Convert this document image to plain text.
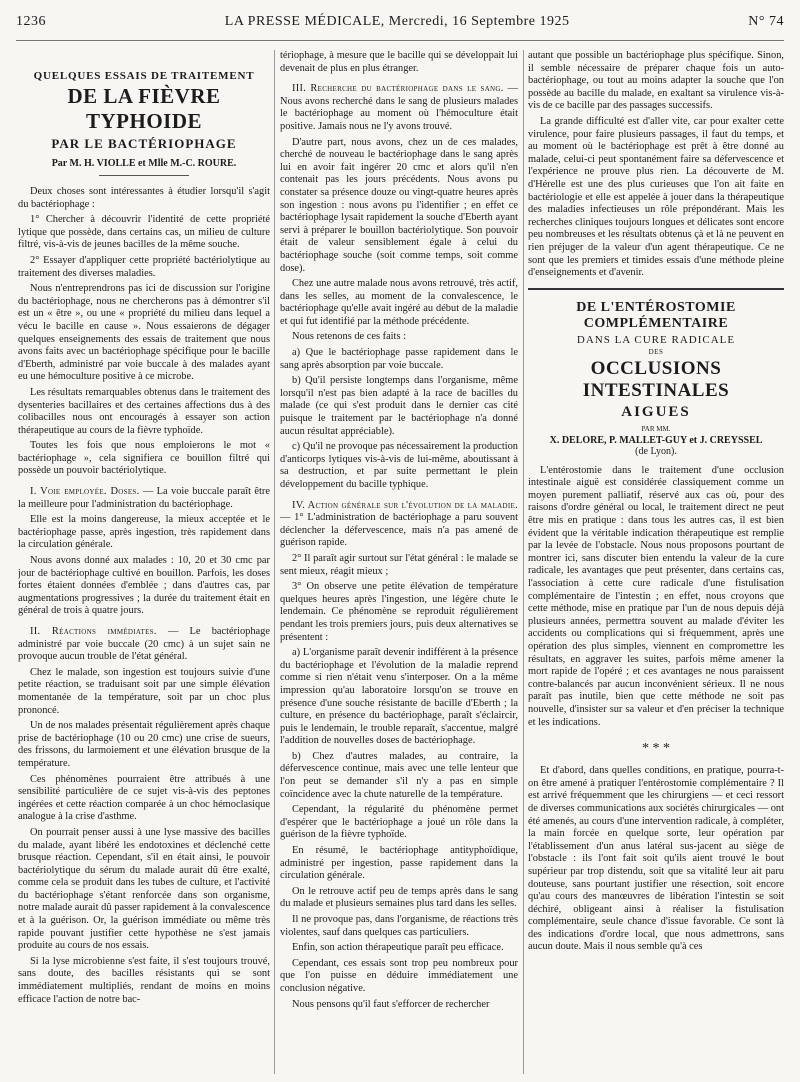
1236	LA PRESSE MÉDICALE, Mercredi, 16 Septembre 1925	N° 74
QUELQUES ESSAIS DE TRAITEMENT
DE LA FIÈVRE TYPHOIDE
PAR LE BACTÉRIOPHAGE
Par M. H. VIOLLE et Mlle M.-C. ROURE.

Deux choses sont intéressantes à étudier lorsqu'il s'agit du bactériophage :

1° Chercher à découvrir l'identité de cette propriété lytique que possède, dans certains cas, un milieu de culture filtré, vis-à-vis de jeunes bacilles de la même souche.

2° Essayer d'appliquer cette propriété bactériolytique au traitement des diverses maladies.

Nous n'entreprendrons pas ici de discussion sur l'origine du bactériophage, nous ne chercherons pas à démontrer s'il est un « être », ou une « propriété du milieu dans lequel a vécu le bacille en cause ». Nous essaierons de dégager quelques enseignements des essais de traitement que nous avons faits avec un bactériophage spécifique pour le bacille d'Eberth, administré par voie buccale à des malades ayant eu une hémoculture positive à ce microbe.

Les résultats remarquables obtenus dans le traitement des dysenteries bacillaires et des certaines affections dus à des colibacilles nous ont encouragés à essayer son action thérapeutique au cours de la fièvre typhoïde.

Toutes les fois que nous emploierons le mot « bactériophage », cela signifiera ce bouillon filtré qui possède un pouvoir bactériolytique.

I. Voie employée. Doses. — La voie buccale paraît être la meilleure pour l'administration du bactériophage.

Elle est la moins dangereuse, la mieux acceptée et le bactériophage passe, après ingestion, très rapidement dans la circulation générale.

Nous avons donné aux malades : 10, 20 et 30 cmc par jour de bactériophage cultivé en bouillon. Parfois, les doses fortes étaient données d'emblée ; dans d'autres cas, par augmentations progressives ; la durée du traitement était en général de trois à quatre jours.

II. Réactions immédiates. — Le bactériophage administré par voie buccale (20 cmc) à un sujet sain ne provoque aucun trouble de l'état général.

Chez le malade, son ingestion est toujours suivie d'une petite réaction, se traduisant soit par une simple élévation momentanée de la température, soit par un choc plus prononcé.

Un de nos malades présentait régulièrement après chaque prise de bactériophage (10 ou 20 cmc) une crise de sueurs, des frissons, du larmoiement et une élévation brusque de la température.

Ces phénomènes pourraient être attribués à une sensibilité particulière de ce sujet vis-à-vis des peptones ingérées et cette réaction comparée à un choc hémoclasique analogue à la crise d'asthme.

On pourrait penser aussi à une lyse massive des bacilles du malade, ayant libéré les endotoxines et déclenché cette brusque réaction. Cependant, s'il en était ainsi, le pouvoir bactériolytique du sérum du malade aurait dû être exalté, comme cela se produit dans les tubes de culture, et l'activité du bactériophage s'étant renforcée dans son organisme, notre malade aurait dû passer rapidement à la convalescence et à la guérison. Or, la guérison immédiate ou même très rapide pouvant justifier cette hypothèse ne s'est jamais produite au cours de nos essais.

Si la lyse microbienne s'est faite, il s'est toujours trouvé, sans doute, des bacilles résistants qui se sont immédiatement multipliés, rendant de moins en moins efficace l'action de notre bac-

tériophage, à mesure que le bacille qui se développait lui devenait de plus en plus étranger.

III. Recherche du bactériophage dans le sang. — Nous avons recherché dans le sang de plusieurs malades le bactériophage au moment où l'hémoculture était positive. Jamais nous ne l'y avons trouvé.

D'autre part, nous avons, chez un de ces malades, cherché de nouveau le bactériophage dans le sang après lui en avoir fait ingérer 20 cmc et alors qu'il n'en contenait pas les jours précédents. Nous avons pu constater sa présence douze ou vingt-quatre heures après son ingestion : nous avons pu l'identifier ; en effet ce bactériophage lysait rapidement la souche d'Eberth ayant servi à préparer le bouillon bactériolytique. Son pouvoir était de valeur sensiblement égale à celui du bactériophage souche (soit comme temps, soit comme dose).

Chez une autre malade nous avons retrouvé, très actif, dans les selles, au moment de la convalescence, le bactériophage qu'elle avait ingéré au début de la maladie et qui fut identifié par la méthode précédente.

Nous retenons de ces faits :

a) Que le bactériophage passe rapidement dans le sang après absorption par voie buccale.

b) Qu'il persiste longtemps dans l'organisme, même lorsqu'il n'est pas bien adapté à la race de bacilles du malade (ce qui s'est produit dans le dernier cas cité puisque le traitement par le bactériophage n'a donné aucun résultat appréciable).

c) Qu'il ne provoque pas nécessairement la production d'anticorps lytiques vis-à-vis de lui-même, aboutissant à sa destruction, et par suite permettant le plein développement du bacille typhique.

IV. Action générale sur l'évolution de la maladie. — 1° L'administration de bactériophage a paru souvent déclencher la défervescence, mais n'a pas amené de guérison rapide.

2° Il paraît agir surtout sur l'état général : le malade se sent mieux, réagit mieux ;

3° On observe une petite élévation de température quelques heures après l'ingestion, une légère chute le lendemain. Ce phénomène se reproduit régulièrement pendant les trois premiers jours, puis deux alternatives se présentent :

a) L'organisme paraît devenir indifférent à la présence du bactériophage et l'évolution de la maladie reprend comme si rien n'était venu s'interposer. On a la même impression qu'au laboratoire lorsqu'on se trouve en présence d'une souche résistante de bacille d'Eberth ; la culture, en présence du bactériophage, paraît s'éclaircir, puis le lendemain, le trouble reparaît, s'accentue, malgré l'addition de nouvelles doses de bactériophage.

b) Chez d'autres malades, au contraire, la défervescence continue, mais avec une telle lenteur que l'on peut se demander s'il n'y a pas en simple coïncidence avec la chute naturelle de la température.

Cependant, la régularité du phénomène permet d'espérer que le bactériophage a joué un rôle dans la guérison de la fièvre typhoïde.

En résumé, le bactériophage antityphoïdique, administré per ingestion, passe rapidement dans la circulation générale.

On le retrouve actif peu de temps après dans le sang du malade et plusieurs semaines plus tard dans les selles.

Il ne provoque pas, dans l'organisme, de réactions très violentes, sauf dans quelques cas particuliers.

Enfin, son action thérapeutique paraît peu efficace.

Cependant, ces essais sont trop peu nombreux pour que l'on puisse en déduire immédiatement une conclusion négative.

Nous pensons qu'il faut s'efforcer de rechercher

autant que possible un bactériophage plus spécifique. Sinon, il semble nécessaire de préparer chaque fois un auto-bactériophage, ou tout au moins adapter la souche que l'on possède au bacille du malade, en exaltant sa virulence vis-à-vis de ce bacille par des passages successifs.

La grande difficulté est d'aller vite, car pour exalter cette virulence, pour faire plusieurs passages, il faut du temps, et au moment où le bactériophage est prêt à être donné au malade, celui-ci peut spontanément faire sa défervescence et l'expérience ne prouve plus rien. La découverte de M. d'Hérelle est une des plus curieuses que l'on ait faite en bactériologie et elle est appelée à jouer dans la thérapeutique des maladies infectieuses un rôle prépondérant. Mais les recherches cliniques toujours longues et délicates sont encore peu nombreuses et les résultats obtenus çà et là ne peuvent en rien préjuger de la valeur d'un agent thérapeutique. Ce ne sont que les premiers et timides essais d'une méthode pleine d'enseignements et d'avenir.

DE L'ENTÉROSTOMIE COMPLÉMENTAIRE
DANS LA CURE RADICALE
DES
OCCLUSIONS INTESTINALES
AIGUES
PAR MM.
X. DELORE, P. MALLET-GUY et J. CREYSSEL
(de Lyon).

L'entérostomie dans le traitement d'une occlusion intestinale aiguë est considérée classiquement comme un moyen purement palliatif, réservé aux cas où, pour des raisons d'ordre général ou local, le traitement direct ne peut être mis en pratique : dans tous les autres cas, il est bien évident que la véritable indication thérapeutique est remplie par la levée de l'obstacle. Nous nous proposons pourtant de montrer ici, sans discuter bien entendu la valeur de la cure radicale, les avantages que peut présenter, dans certains cas, l'association à cette cure radicale d'une fistulisation complémentaire de l'intestin ; en effet, nous croyons que cette méthode, mise en pratique par l'un de nous depuis déjà plusieurs années, permettra souvent au malade d'éviter les accidents ou complications qui si fréquemment, après une opération des plus simples, viennent en compromettre les résultats, en aggraver les suites, parfois même amener la mort rapide de l'opéré ; et ces avantages ne nous paraissent contre-balancés par aucun inconvénient sérieux. Il ne nous paraît pas inutile, bien que cette méthode ne soit pas nouvelle, d'insister sur sa valeur et d'en préciser la technique et les indications.

* * *

Et d'abord, dans quelles conditions, en pratique, pourra-t-on être amené à pratiquer l'entérostomie complémentaire ? Il est arrivé fréquemment que les chirurgiens — et ceci ressort de diverses communications aux sociétés chirurgicales — ont été amenés, au cours d'une intervention radicale, à compléter, la main forcée en quelque sorte, leur opération par l'établissement d'un anus latéral sus-jacent au siège de l'obstacle : ils l'ont fait soit qu'ils aient trouvé le bout supérieur par trop distendu, soit que sa vitalité leur ait paru douteuse, sans pourtant justifier une résection, soit encore qu'au cours des manœuvres de libération l'intestin se soit déchiré, obligeant ainsi à réaliser la fistulisation complémentaire, seule chance d'issue favorable. Ce sont là des indications d'ordre local, que nous admettrons, sans aucun doute. Mais il nous semble qu'à ces
